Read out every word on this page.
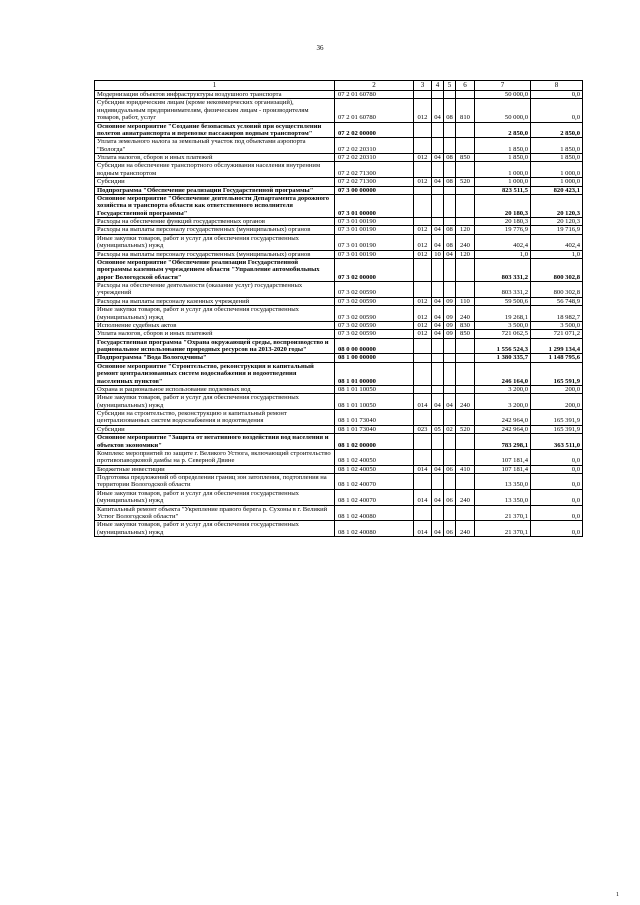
36
1	2	3	4	5	6	7	8
Модернизация объектов инфраструктуры воздушного транспорта	07 2 01 60780					50 000,0	0,0
Субсидии юридическим лицам (кроме некоммерческих организаций), индивидуальным предпринимателям, физическим лицам - производителям товаров, работ, услуг	07 2 01 60780	012	04	08	810	50 000,0	0,0
Основное мероприятие "Создание безопасных условий при осуществлении полетов авиатранспорта и перевозке пассажиров водным транспортом"	07 2 02 00000					2 850,0	2 850,0
Уплата земельного налога за земельный участок под объектами аэропорта "Вологда"	07 2 02 20310					1 850,0	1 850,0
Уплата налогов, сборов и иных платежей	07 2 02 20310	012	04	08	850	1 850,0	1 850,0
Субсидии на обеспечение транспортного обслуживания населения внутренним водным транспортом	07 2 02 71300					1 000,0	1 000,0
Субсидии	07 2 02 71300	012	04	08	520	1 000,0	1 000,0
Подпрограмма "Обеспечение реализации Государственной программы"	07 3 00 00000					823 511,5	820 423,1
Основное мероприятие "Обеспечение деятельности Департамента дорожного хозяйства и транспорта области как ответственного исполнителя Государственной программы"	07 3 01 00000					20 180,3	20 120,3
Расходы на обеспечение функций государственных органов	07 3 01 00190					20 180,3	20 120,3
Расходы на выплаты персоналу государственных (муниципальных) органов	07 3 01 00190	012	04	08	120	19 776,9	19 716,9
Иные закупки товаров, работ и услуг для обеспечения государственных (муниципальных) нужд	07 3 01 00190	012	04	08	240	402,4	402,4
Расходы на выплаты персоналу государственных (муниципальных) органов	07 3 01 00190	012	10	04	120	1,0	1,0
Основное мероприятие "Обеспечение реализации Государственной программы казенным учреждением области "Управление автомобильных дорог Вологодской области"	07 3 02 00000					803 331,2	800 302,8
Расходы на обеспечение деятельности (оказание услуг) государственных учреждений	07 3 02 00590					803 331,2	800 302,8
Расходы на выплаты персоналу казенных учреждений	07 3 02 00590	012	04	09	110	59 500,6	56 748,9
Иные закупки товаров, работ и услуг для обеспечения государственных (муниципальных) нужд	07 3 02 00590	012	04	09	240	19 268,1	18 982,7
Исполнение судебных актов	07 3 02 00590	012	04	09	830	3 500,0	3 500,0
Уплата налогов, сборов и иных платежей	07 3 02 00590	012	04	09	850	721 062,5	721 071,2
Государственная программа "Охрана окружающей среды, воспроизводство и рациональное использование природных ресурсов на 2013-2020 годы"	08 0 00 00000					1 556 524,3	1 299 134,4
Подпрограмма "Вода Вологодчины"	08 1 00 00000					1 380 335,7	1 148 795,6
Основное мероприятие "Строительство, реконструкция и капитальный ремонт централизованных систем водоснабжения и водоотведения населенных пунктов"	08 1 01 00000					246 164,0	165 591,9
Охрана и рациональное использование подземных вод	08 1 01 10050					3 200,0	200,0
Иные закупки товаров, работ и услуг для обеспечения государственных (муниципальных) нужд	08 1 01 10050	014	04	04	240	3 200,0	200,0
Субсидии на строительство, реконструкцию и капитальный ремонт централизованных систем водоснабжения и водоотведения	08 1 01 73040					242 964,0	165 391,9
Субсидии	08 1 01 73040	023	05	02	520	242 964,0	165 391,9
Основное мероприятие "Защита от негативного воздействия вод населения и объектов экономики"	08 1 02 00000					783 298,1	363 511,0
Комплекс мероприятий по защите г. Великого Устюга, включающий строительство противопаводковой дамбы на р. Северной Двине	08 1 02 40050					107 181,4	0,0
Бюджетные инвестиции	08 1 02 40050	014	04	06	410	107 181,4	0,0
Подготовка предложений об определении границ зон затопления, подтопления на территории Вологодской области	08 1 02 40070					13 350,0	0,0
Иные закупки товаров, работ и услуг для обеспечения государственных (муниципальных) нужд	08 1 02 40070	014	04	06	240	13 350,0	0,0
Капитальный ремонт объекта "Укрепление правого берега р. Сухоны в г. Великий Устюг Вологодской области"	08 1 02 40080					21 370,1	0,0
Иные закупки товаров, работ и услуг для обеспечения государственных (муниципальных) нужд	08 1 02 40080	014	04	06	240	21 370,1	0,0
1
